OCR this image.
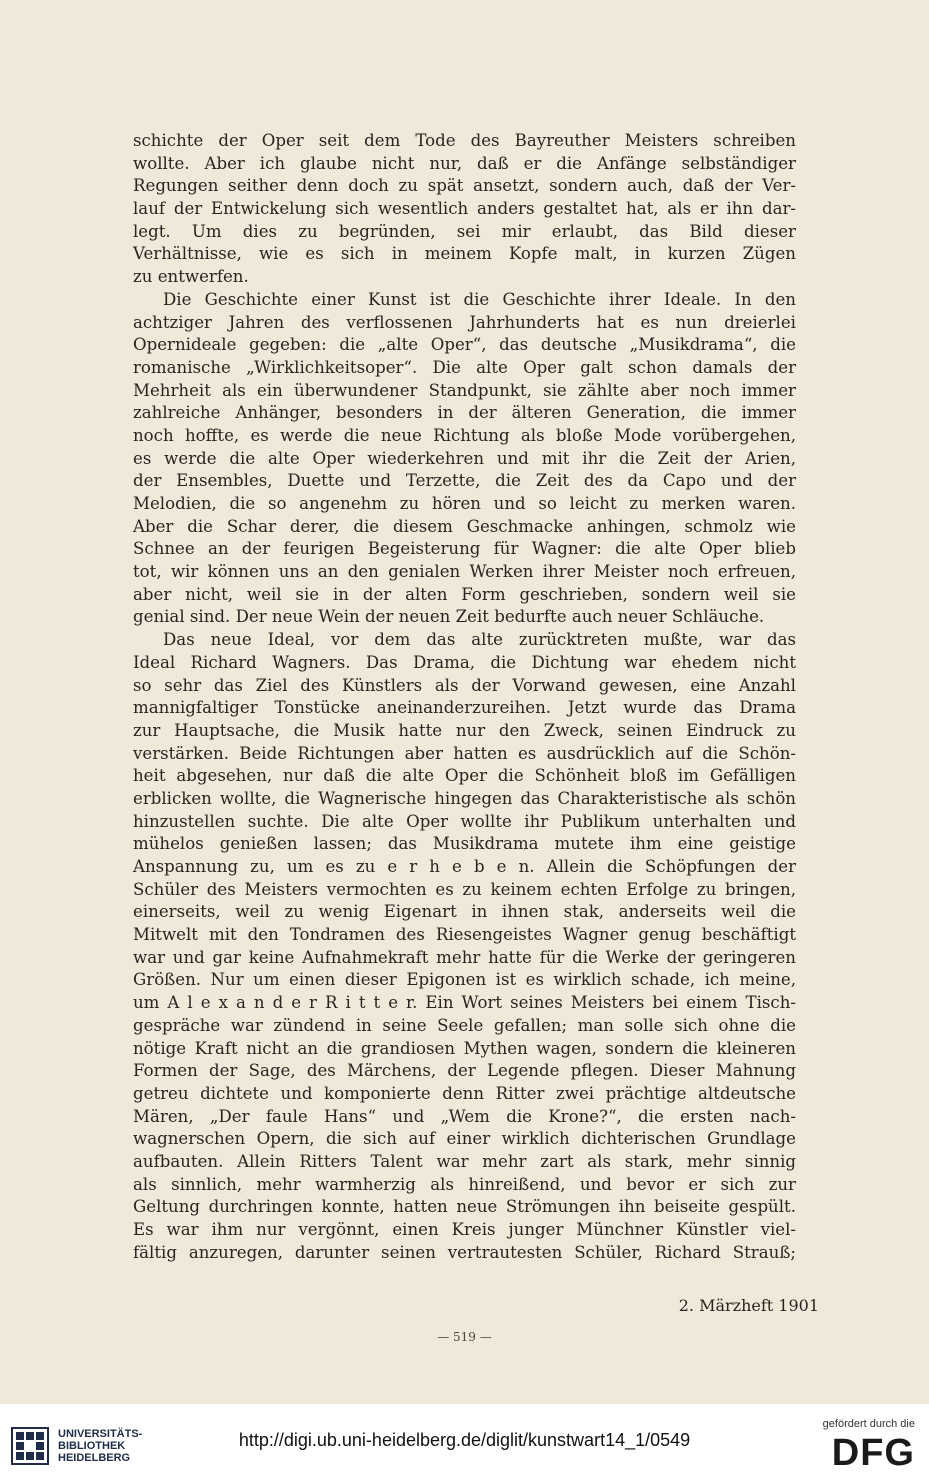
schichte der Oper seit dem Tode des Bayreuther Meisters schreiben
wollte. Aber ich glaube nicht nur, daß er die Anfänge selbständiger
Regungen seither denn doch zu spät ansetzt, sondern auch, daß der Ver-
lauf der Entwickelung sich wesentlich anders gestaltet hat, als er ihn dar-
legt. Um dies zu begründen, sei mir erlaubt, das Bild dieser
Verhältnisse, wie es sich in meinem Kopfe malt, in kurzen Zügen
zu entwerfen.
Die Geschichte einer Kunst ist die Geschichte ihrer Ideale. In den
achtziger Jahren des verflossenen Jahrhunderts hat es nun dreierlei
Opernideale gegeben: die „alte Oper“, das deutsche „Musikdrama“, die
romanische „Wirklichkeitsoper“. Die alte Oper galt schon damals der
Mehrheit als ein überwundener Standpunkt, sie zählte aber noch immer
zahlreiche Anhänger, besonders in der älteren Generation, die immer
noch hoffte, es werde die neue Richtung als bloße Mode vorübergehen,
es werde die alte Oper wiederkehren und mit ihr die Zeit der Arien,
der Ensembles, Duette und Terzette, die Zeit des da Capo und der
Melodien, die so angenehm zu hören und so leicht zu merken waren.
Aber die Schar derer, die diesem Geschmacke anhingen, schmolz wie
Schnee an der feurigen Begeisterung für Wagner: die alte Oper blieb
tot, wir können uns an den genialen Werken ihrer Meister noch erfreuen,
aber nicht, weil sie in der alten Form geschrieben, sondern weil sie
genial sind. Der neue Wein der neuen Zeit bedurfte auch neuer Schläuche.
Das neue Ideal, vor dem das alte zurücktreten mußte, war das
Ideal Richard Wagners. Das Drama, die Dichtung war ehedem nicht
so sehr das Ziel des Künstlers als der Vorwand gewesen, eine Anzahl
mannigfaltiger Tonstücke aneinanderzureihen. Jetzt wurde das Drama
zur Hauptsache, die Musik hatte nur den Zweck, seinen Eindruck zu
verstärken. Beide Richtungen aber hatten es ausdrücklich auf die Schön-
heit abgesehen, nur daß die alte Oper die Schönheit bloß im Gefälligen
erblicken wollte, die Wagnerische hingegen das Charakteristische als schön
hinzustellen suchte. Die alte Oper wollte ihr Publikum unterhalten und
mühelos genießen lassen; das Musikdrama mutete ihm eine geistige
Anspannung zu, um es zu e r h e b e n. Allein die Schöpfungen der
Schüler des Meisters vermochten es zu keinem echten Erfolge zu bringen,
einerseits, weil zu wenig Eigenart in ihnen stak, anderseits weil die
Mitwelt mit den Tondramen des Riesengeistes Wagner genug beschäftigt
war und gar keine Aufnahmekraft mehr hatte für die Werke der geringeren
Größen. Nur um einen dieser Epigonen ist es wirklich schade, ich meine,
um A l e x a n d e r R i t t e r. Ein Wort seines Meisters bei einem Tisch-
gespräche war zündend in seine Seele gefallen; man solle sich ohne die
nötige Kraft nicht an die grandiosen Mythen wagen, sondern die kleineren
Formen der Sage, des Märchens, der Legende pflegen. Dieser Mahnung
getreu dichtete und komponierte denn Ritter zwei prächtige altdeutsche
Mären, „Der faule Hans“ und „Wem die Krone?“, die ersten nach-
wagnerschen Opern, die sich auf einer wirklich dichterischen Grundlage
aufbauten. Allein Ritters Talent war mehr zart als stark, mehr sinnig
als sinnlich, mehr warmherzig als hinreißend, und bevor er sich zur
Geltung durchringen konnte, hatten neue Strömungen ihn beiseite gespült.
Es war ihm nur vergönnt, einen Kreis junger Münchner Künstler viel-
fältig anzuregen, darunter seinen vertrautesten Schüler, Richard Strauß;
2. Märzheft 1901
— 519 —
UNIVERSITÄTS-
BIBLIOTHEK
HEIDELBERG
http://digi.ub.uni-heidelberg.de/diglit/kunstwart14_1/0549
gefördert durch die
DFG
